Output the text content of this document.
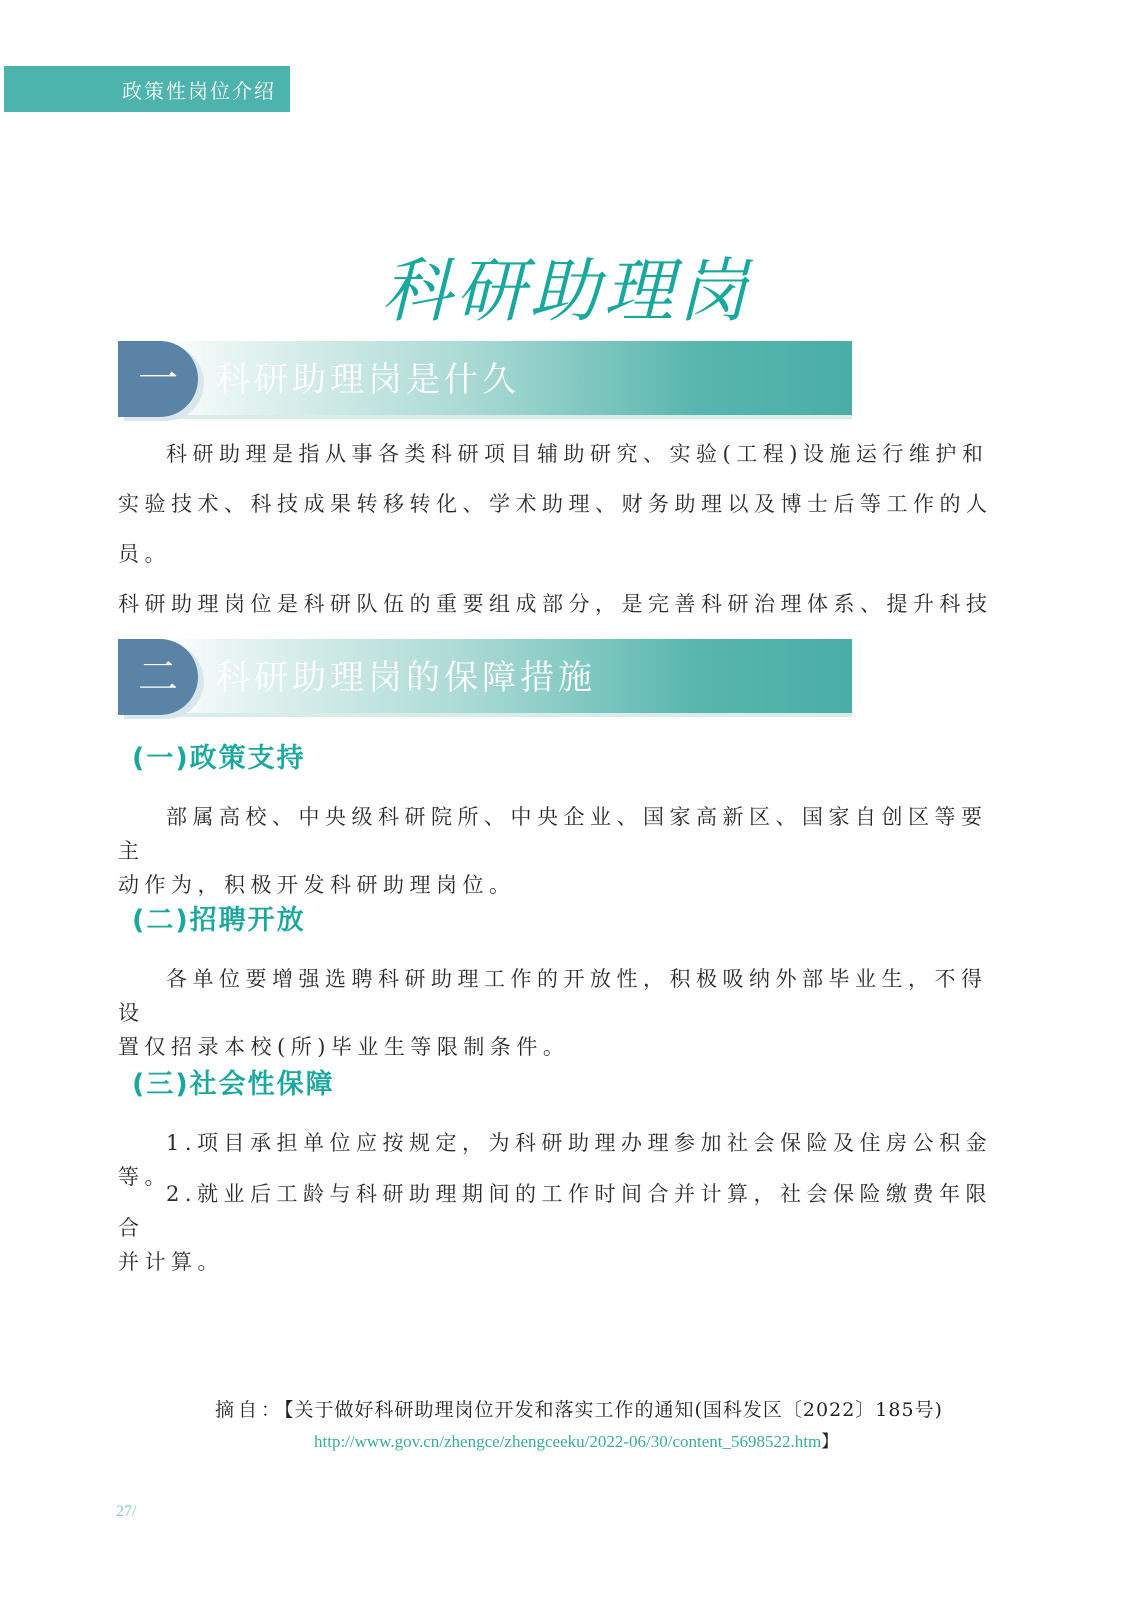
政策性岗位介绍
科研助理岗
一	科研助理岗是什久

科研助理是指从事各类科研项目辅助研究、实验(工程)设施运行维护和
实验技术、科技成果转移转化、学术助理、财务助理以及博士后等工作的人员。
科研助理岗位是科研队伍的重要组成部分，是完善科研治理体系、提升科技

二	科研助理岗的保障措施
(一)政策支持

部属高校、中央级科研院所、中央企业、国家高新区、国家自创区等要主
动作为，积极开发科研助理岗位。

(二)招聘开放

各单位要增强选聘科研助理工作的开放性，积极吸纳外部毕业生，不得设
置仅招录本校(所)毕业生等限制条件。

(三)社会性保障

1.项目承担单位应按规定，为科研助理办理参加社会保险及住房公积金等。

2.就业后工龄与科研助理期间的工作时间合并计算，社会保险缴费年限合
并计算。

摘自：【关于做好科研助理岗位开发和落实工作的通知(国科发区〔2022〕185号)
http://www.gov.cn/zhengce/zhengceeku/2022-06/30/content_5698522.htm】
27/
